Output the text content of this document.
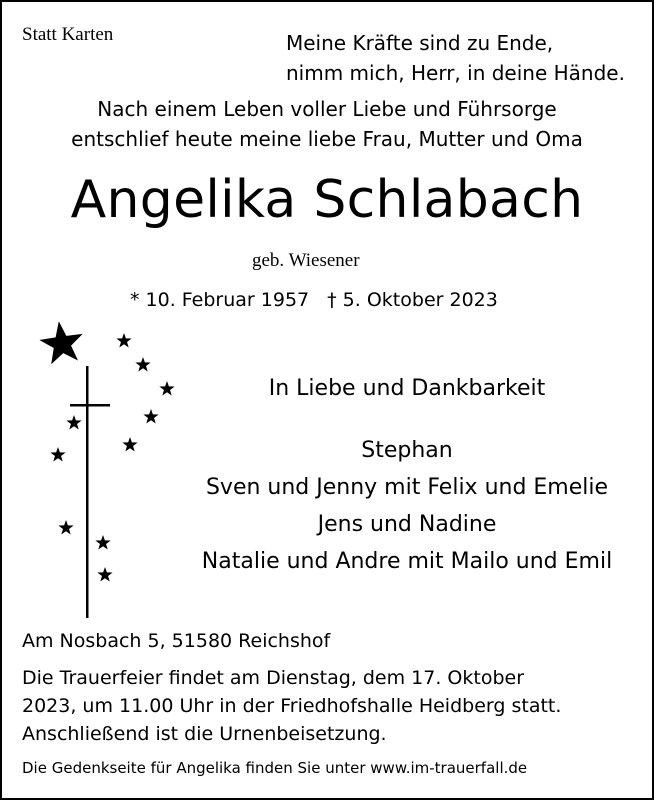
Statt Karten	Meine Kräfte sind zu Ende,
nimm mich, Herr, in deine Hände.
Nach einem Leben voller Liebe und Führsorge
entschlief heute meine liebe Frau, Mutter und Oma
Angelika Schlabach
geb. Wiesener
* 10. Februar 1957 † 5. Oktober 2023
In Liebe und Dankbarkeit
Stephan
Sven und Jenny mit Felix und Emelie
Jens und Nadine
Natalie und Andre mit Mailo und Emil
Am Nosbach 5, 51580 Reichshof
Die Trauerfeier findet am Dienstag, dem 17. Oktober
2023, um 11.00 Uhr in der Friedhofshalle Heidberg statt.
Anschließend ist die Urnenbeisetzung.
Die Gedenkseite für Angelika finden Sie unter www.im-trauerfall.de
